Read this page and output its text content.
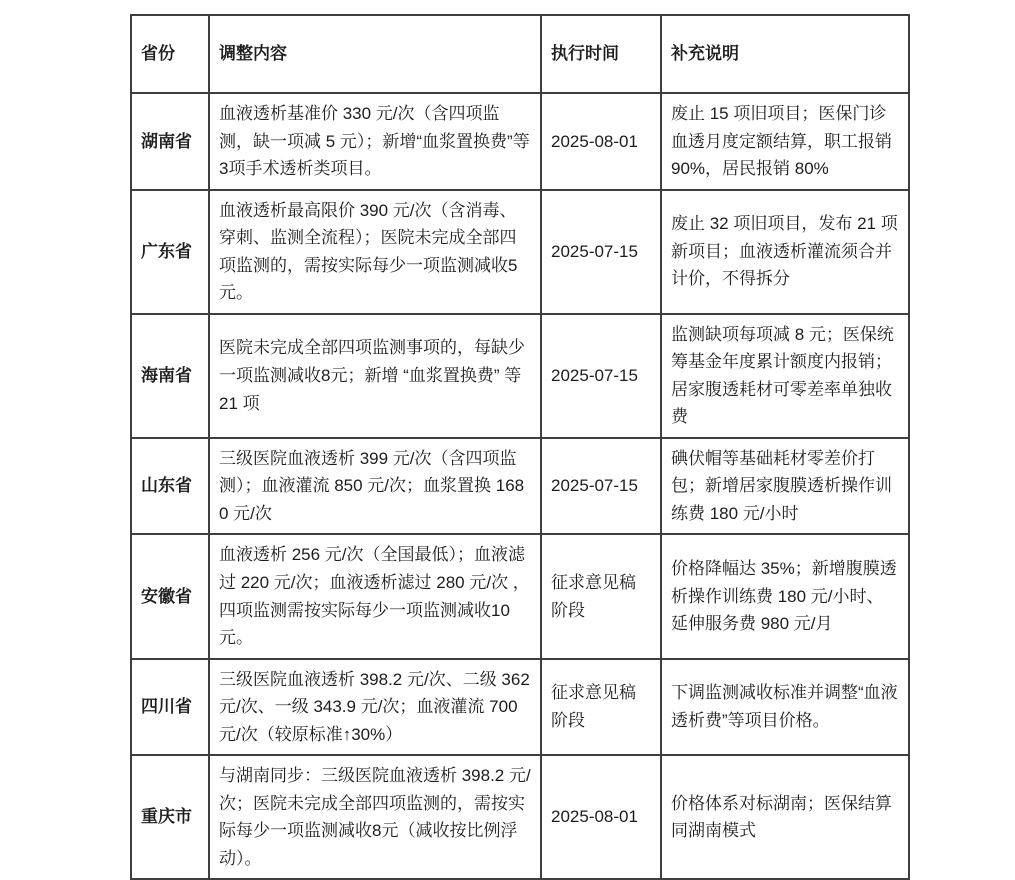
省份	调整内容	执行时间	补充说明
湖南省	血液透析基准价 330 元/次（含四项监测，缺一项减 5 元）；新增“血浆置换费”等3项手术透析类项目。	2025-08-01	废止 15 项旧项目；医保门诊血透月度定额结算，职工报销 90%，居民报销 80%
广东省	血液透析最高限价 390 元/次（含消毒、穿刺、监测全流程）；医院未完成全部四项监测的，需按实际每少一项监测减收5元。	2025-07-15	废止 32 项旧项目，发布 21 项新项目；血液透析灌流须合并计价，不得拆分
海南省	医院未完成全部四项监测事项的，每缺少一项监测减收8元；新增 “血浆置换费” 等 21 项	2025-07-15	监测缺项每项减 8 元；医保统筹基金年度累计额度内报销；居家腹透耗材可零差率单独收费
山东省	三级医院血液透析 399 元/次（含四项监测）；血液灌流 850 元/次；血浆置换 1680 元/次	2025-07-15	碘伏帽等基础耗材零差价打包；新增居家腹膜透析操作训练费 180 元/小时
安徽省	血液透析 256 元/次（全国最低）；血液滤过 220 元/次；血液透析滤过 280 元/次 ，四项监测需按实际每少一项监测减收10元。	征求意见稿阶段	价格降幅达 35%；新增腹膜透析操作训练费 180 元/小时、延伸服务费 980 元/月
四川省	三级医院血液透析 398.2 元/次、二级 362 元/次、一级 343.9 元/次；血液灌流 700 元/次（较原标准↑30%）	征求意见稿阶段	下调监测减收标准并调整“血液透析费”等项目价格。
重庆市	与湖南同步：三级医院血液透析 398.2 元/次；医院未完成全部四项监测的，需按实际每少一项监测减收8元（减收按比例浮动）。	2025-08-01	价格体系对标湖南；医保结算同湖南模式
